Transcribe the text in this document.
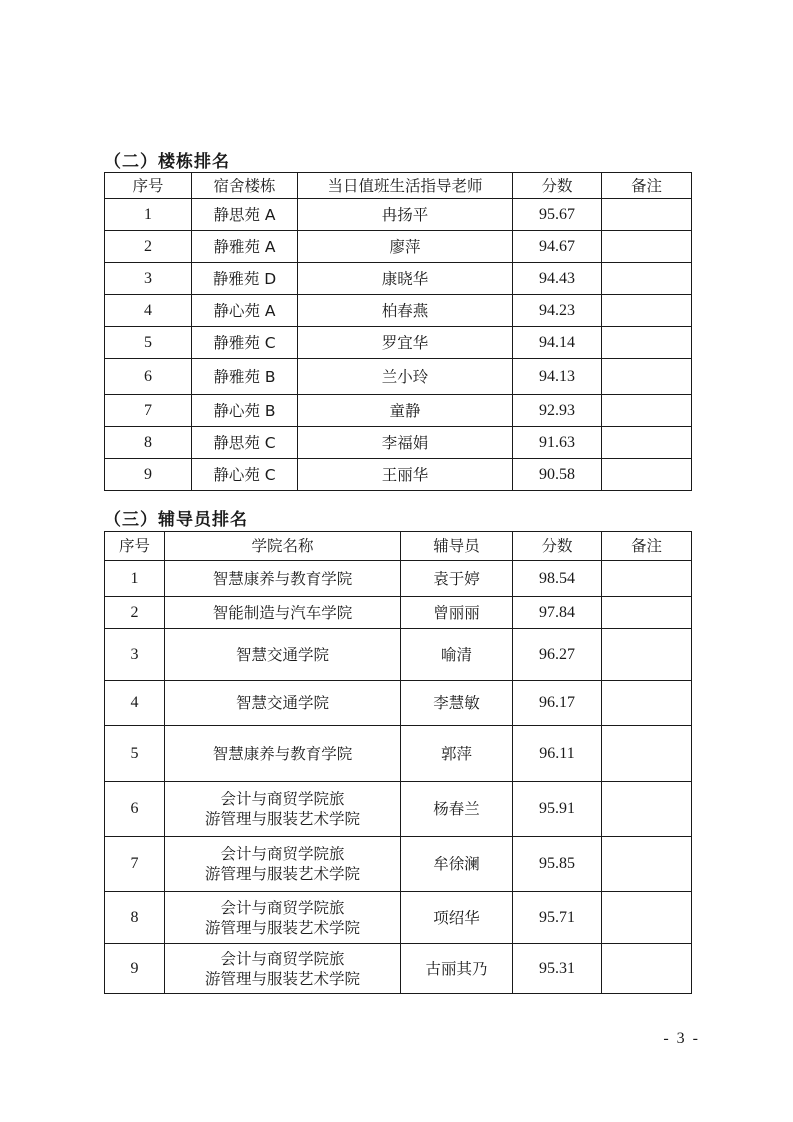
（二）楼栋排名
序号	宿舍楼栋	当日值班生活指导老师	分数	备注
1	静思苑 A	冉扬平	95.67	
2	静雅苑 A	廖萍	94.67	
3	静雅苑 D	康晓华	94.43	
4	静心苑 A	柏春燕	94.23	
5	静雅苑 C	罗宜华	94.14	
6	静雅苑 B	兰小玲	94.13	
7	静心苑 B	童静	92.93	
8	静思苑 C	李福娟	91.63	
9	静心苑 C	王丽华	90.58	
（三）辅导员排名
序号	学院名称	辅导员	分数	备注
1	智慧康养与教育学院	袁于婷	98.54	
2	智能制造与汽车学院	曾丽丽	97.84	
3	智慧交通学院	喻清	96.27	
4	智慧交通学院	李慧敏	96.17	
5	智慧康养与教育学院	郭萍	96.11	
6	会计与商贸学院旅
游管理与服装艺术学院	杨春兰	95.91	
7	会计与商贸学院旅
游管理与服装艺术学院	牟徐澜	95.85	
8	会计与商贸学院旅
游管理与服装艺术学院	项绍华	95.71	
9	会计与商贸学院旅
游管理与服装艺术学院	古丽其乃	95.31	
- 3 -
